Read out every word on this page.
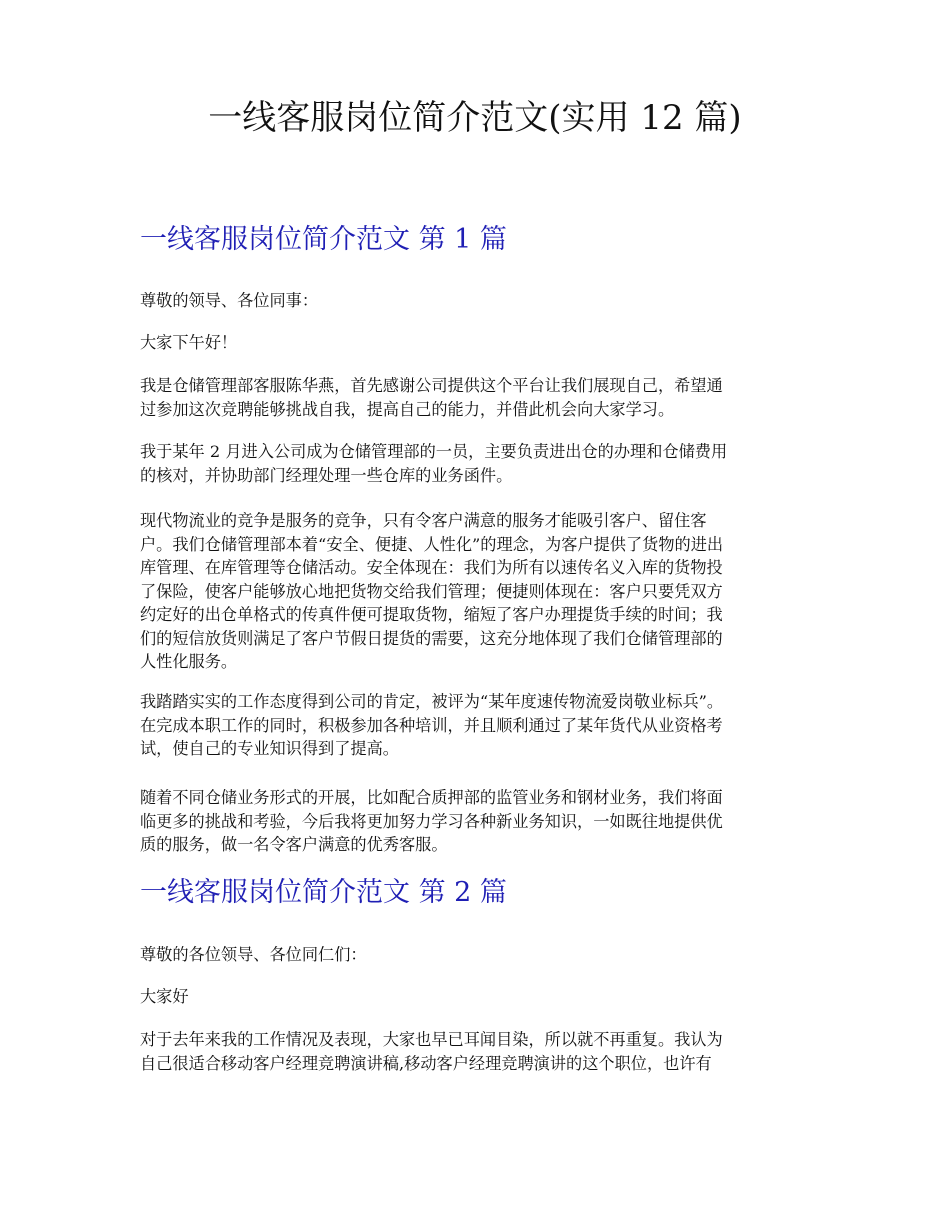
一线客服岗位简介范文(实用 12 篇)
一线客服岗位简介范文 第 1 篇

尊敬的领导、各位同事：

大家下午好！

我是仓储管理部客服陈华燕，首先感谢公司提供这个平台让我们展现自己，希望通
过参加这次竞聘能够挑战自我，提高自己的能力，并借此机会向大家学习。

我于某年 2 月进入公司成为仓储管理部的一员，主要负责进出仓的办理和仓储费用
的核对，并协助部门经理处理一些仓库的业务函件。

现代物流业的竞争是服务的竞争，只有令客户满意的服务才能吸引客户、留住客
户。我们仓储管理部本着“安全、便捷、人性化”的理念，为客户提供了货物的进出
库管理、在库管理等仓储活动。安全体现在：我们为所有以速传名义入库的货物投
了保险，使客户能够放心地把货物交给我们管理；便捷则体现在：客户只要凭双方
约定好的出仓单格式的传真件便可提取货物，缩短了客户办理提货手续的时间；我
们的短信放货则满足了客户节假日提货的需要，这充分地体现了我们仓储管理部的
人性化服务。

我踏踏实实的工作态度得到公司的肯定，被评为“某年度速传物流爱岗敬业标兵”。
在完成本职工作的同时，积极参加各种培训，并且顺利通过了某年货代从业资格考
试，使自己的专业知识得到了提高。

随着不同仓储业务形式的开展，比如配合质押部的监管业务和钢材业务，我们将面
临更多的挑战和考验，今后我将更加努力学习各种新业务知识，一如既往地提供优
质的服务，做一名令客户满意的优秀客服。

一线客服岗位简介范文 第 2 篇

尊敬的各位领导、各位同仁们：

大家好

对于去年来我的工作情况及表现，大家也早已耳闻目染，所以就不再重复。我认为
自己很适合移动客户经理竞聘演讲稿,移动客户经理竞聘演讲的这个职位，也许有
